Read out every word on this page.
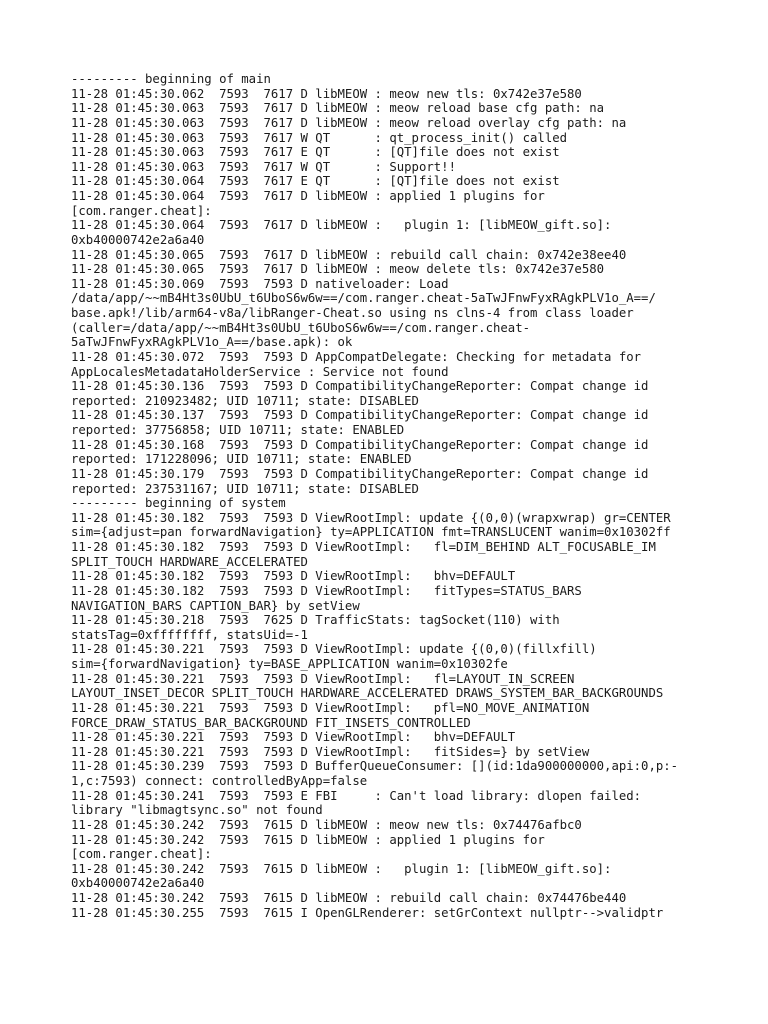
--------- beginning of main
11-28 01:45:30.062  7593  7617 D libMEOW : meow new tls: 0x742e37e580
11-28 01:45:30.063  7593  7617 D libMEOW : meow reload base cfg path: na
11-28 01:45:30.063  7593  7617 D libMEOW : meow reload overlay cfg path: na
11-28 01:45:30.063  7593  7617 W QT      : qt_process_init() called
11-28 01:45:30.063  7593  7617 E QT      : [QT]file does not exist
11-28 01:45:30.063  7593  7617 W QT      : Support!!
11-28 01:45:30.064  7593  7617 E QT      : [QT]file does not exist
11-28 01:45:30.064  7593  7617 D libMEOW : applied 1 plugins for
[com.ranger.cheat]:
11-28 01:45:30.064  7593  7617 D libMEOW :   plugin 1: [libMEOW_gift.so]:
0xb40000742e2a6a40
11-28 01:45:30.065  7593  7617 D libMEOW : rebuild call chain: 0x742e38ee40
11-28 01:45:30.065  7593  7617 D libMEOW : meow delete tls: 0x742e37e580
11-28 01:45:30.069  7593  7593 D nativeloader: Load
/data/app/~~mB4Ht3s0UbU_t6UboS6w6w==/com.ranger.cheat-5aTwJFnwFyxRAgkPLV1o_A==/
base.apk!/lib/arm64-v8a/libRanger-Cheat.so using ns clns-4 from class loader
(caller=/data/app/~~mB4Ht3s0UbU_t6UboS6w6w==/com.ranger.cheat-
5aTwJFnwFyxRAgkPLV1o_A==/base.apk): ok
11-28 01:45:30.072  7593  7593 D AppCompatDelegate: Checking for metadata for
AppLocalesMetadataHolderService : Service not found
11-28 01:45:30.136  7593  7593 D CompatibilityChangeReporter: Compat change id
reported: 210923482; UID 10711; state: DISABLED
11-28 01:45:30.137  7593  7593 D CompatibilityChangeReporter: Compat change id
reported: 37756858; UID 10711; state: ENABLED
11-28 01:45:30.168  7593  7593 D CompatibilityChangeReporter: Compat change id
reported: 171228096; UID 10711; state: ENABLED
11-28 01:45:30.179  7593  7593 D CompatibilityChangeReporter: Compat change id
reported: 237531167; UID 10711; state: DISABLED
--------- beginning of system
11-28 01:45:30.182  7593  7593 D ViewRootImpl: update {(0,0)(wrapxwrap) gr=CENTER
sim={adjust=pan forwardNavigation} ty=APPLICATION fmt=TRANSLUCENT wanim=0x10302ff
11-28 01:45:30.182  7593  7593 D ViewRootImpl:   fl=DIM_BEHIND ALT_FOCUSABLE_IM
SPLIT_TOUCH HARDWARE_ACCELERATED
11-28 01:45:30.182  7593  7593 D ViewRootImpl:   bhv=DEFAULT
11-28 01:45:30.182  7593  7593 D ViewRootImpl:   fitTypes=STATUS_BARS
NAVIGATION_BARS CAPTION_BAR} by setView
11-28 01:45:30.218  7593  7625 D TrafficStats: tagSocket(110) with
statsTag=0xffffffff, statsUid=-1
11-28 01:45:30.221  7593  7593 D ViewRootImpl: update {(0,0)(fillxfill)
sim={forwardNavigation} ty=BASE_APPLICATION wanim=0x10302fe
11-28 01:45:30.221  7593  7593 D ViewRootImpl:   fl=LAYOUT_IN_SCREEN
LAYOUT_INSET_DECOR SPLIT_TOUCH HARDWARE_ACCELERATED DRAWS_SYSTEM_BAR_BACKGROUNDS
11-28 01:45:30.221  7593  7593 D ViewRootImpl:   pfl=NO_MOVE_ANIMATION
FORCE_DRAW_STATUS_BAR_BACKGROUND FIT_INSETS_CONTROLLED
11-28 01:45:30.221  7593  7593 D ViewRootImpl:   bhv=DEFAULT
11-28 01:45:30.221  7593  7593 D ViewRootImpl:   fitSides=} by setView
11-28 01:45:30.239  7593  7593 D BufferQueueConsumer: [](id:1da900000000,api:0,p:-
1,c:7593) connect: controlledByApp=false
11-28 01:45:30.241  7593  7593 E FBI     : Can't load library: dlopen failed:
library "libmagtsync.so" not found
11-28 01:45:30.242  7593  7615 D libMEOW : meow new tls: 0x74476afbc0
11-28 01:45:30.242  7593  7615 D libMEOW : applied 1 plugins for
[com.ranger.cheat]:
11-28 01:45:30.242  7593  7615 D libMEOW :   plugin 1: [libMEOW_gift.so]:
0xb40000742e2a6a40
11-28 01:45:30.242  7593  7615 D libMEOW : rebuild call chain: 0x74476be440
11-28 01:45:30.255  7593  7615 I OpenGLRenderer: setGrContext nullptr-->validptr
